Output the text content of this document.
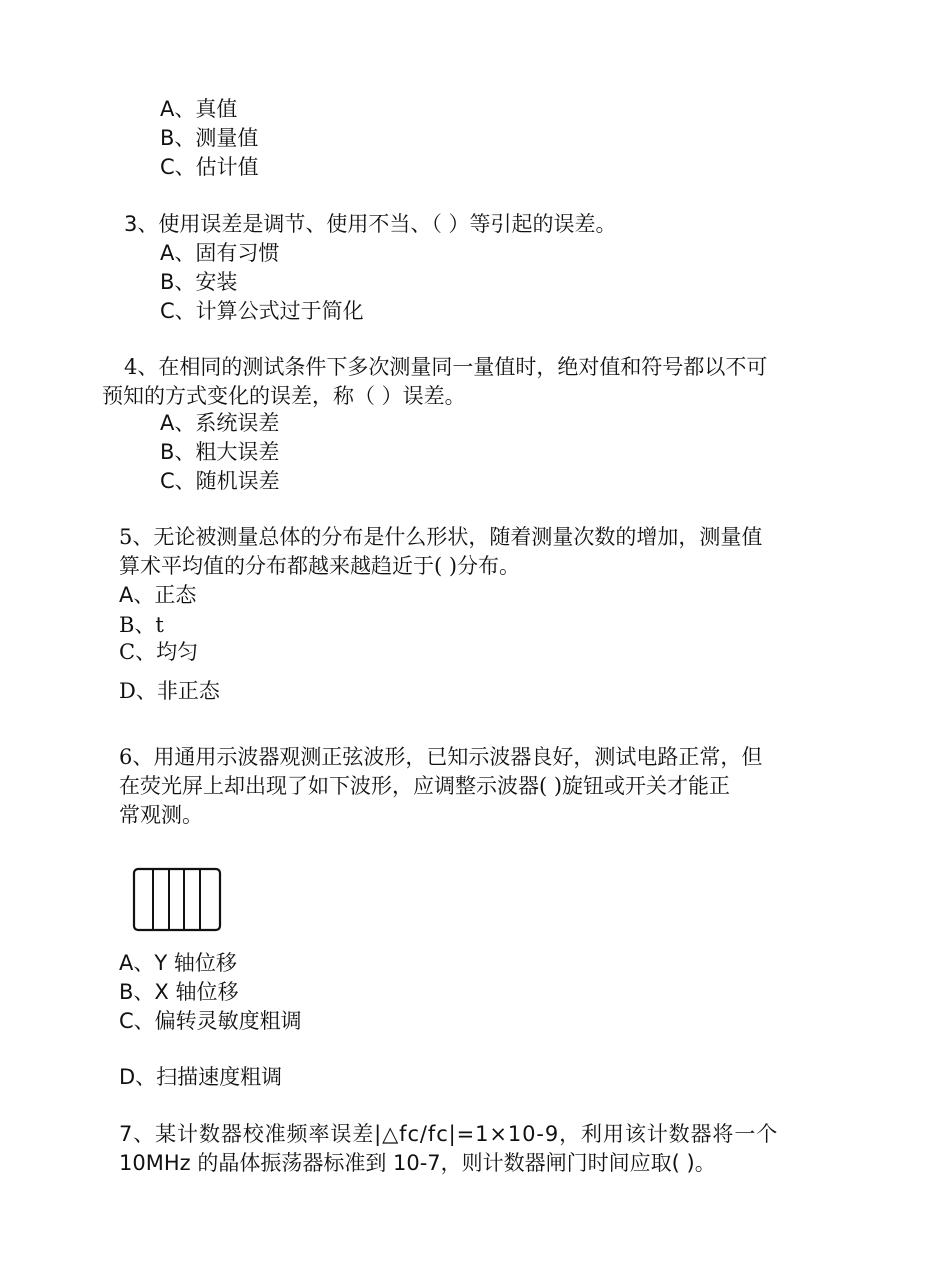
A、真值
B、测量值
C、估计值
3、使用误差是调节、使用不当、（ ）等引起的误差。
A、固有习惯
B、安装
C、计算公式过于简化
4、在相同的测试条件下多次测量同一量值时，绝对值和符号都以不可
预知的方式变化的误差，称（ ）误差。
A、系统误差
B、粗大误差
C、随机误差
5、无论被测量总体的分布是什么形状，随着测量次数的增加，测量值
算术平均值的分布都越来越趋近于( )分布。
A、正态
B、t
C、均匀
D、非正态
6、用通用示波器观测正弦波形，已知示波器良好，测试电路正常，但
在荧光屏上却出现了如下波形，应调整示波器( )旋钮或开关才能正
常观测。
A、Y 轴位移
B、X 轴位移
C、偏转灵敏度粗调
D、扫描速度粗调
7、某计数器校准频率误差|△fc/fc|=1×10-9，利用该计数器将一个
10MHz 的晶体振荡器标准到 10-7，则计数器闸门时间应取( )。
